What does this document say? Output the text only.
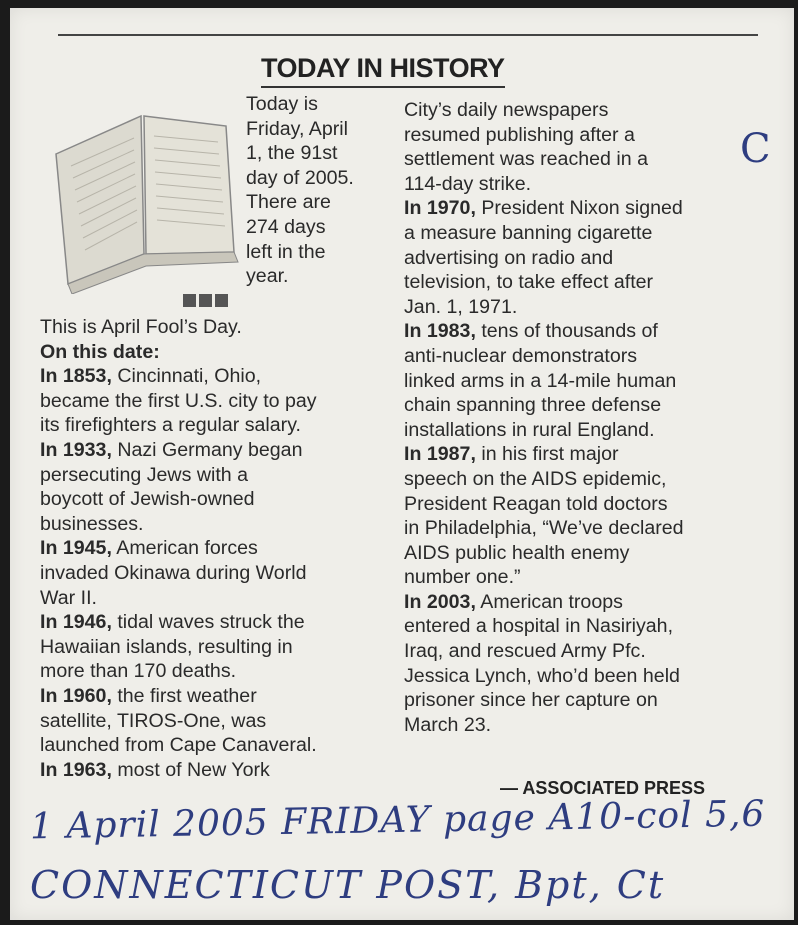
TODAY IN HISTORY
Today is
Friday, April
1, the 91st
day of 2005.
There are
274 days
left in the
year.
This is April Fool’s Day.
On this date:
In 1853, Cincinnati, Ohio,
became the first U.S. city to pay
its firefighters a regular salary.
In 1933, Nazi Germany began
persecuting Jews with a
boycott of Jewish-owned
businesses.
In 1945, American forces
invaded Okinawa during World
War II.
In 1946, tidal waves struck the
Hawaiian islands, resulting in
more than 170 deaths.
In 1960, the first weather
satellite, TIROS-One, was
launched from Cape Canaveral.
In 1963, most of New York
City’s daily newspapers
resumed publishing after a
settlement was reached in a
114-day strike.
In 1970, President Nixon signed
a measure banning cigarette
advertising on radio and
television, to take effect after
Jan. 1, 1971.
In 1983, tens of thousands of
anti-nuclear demonstrators
linked arms in a 14-mile human
chain spanning three defense
installations in rural England.
In 1987, in his first major
speech on the AIDS epidemic,
President Reagan told doctors
in Philadelphia, “We’ve declared
AIDS public health enemy
number one.”
In 2003, American troops
entered a hospital in Nasiriyah,
Iraq, and rescued Army Pfc.
Jessica Lynch, who’d been held
prisoner since her capture on
March 23.
— ASSOCIATED PRESS
1 April 2005 FRIDAY page A10-col 5,6
CONNECTICUT POST, Bpt, Ct
C
